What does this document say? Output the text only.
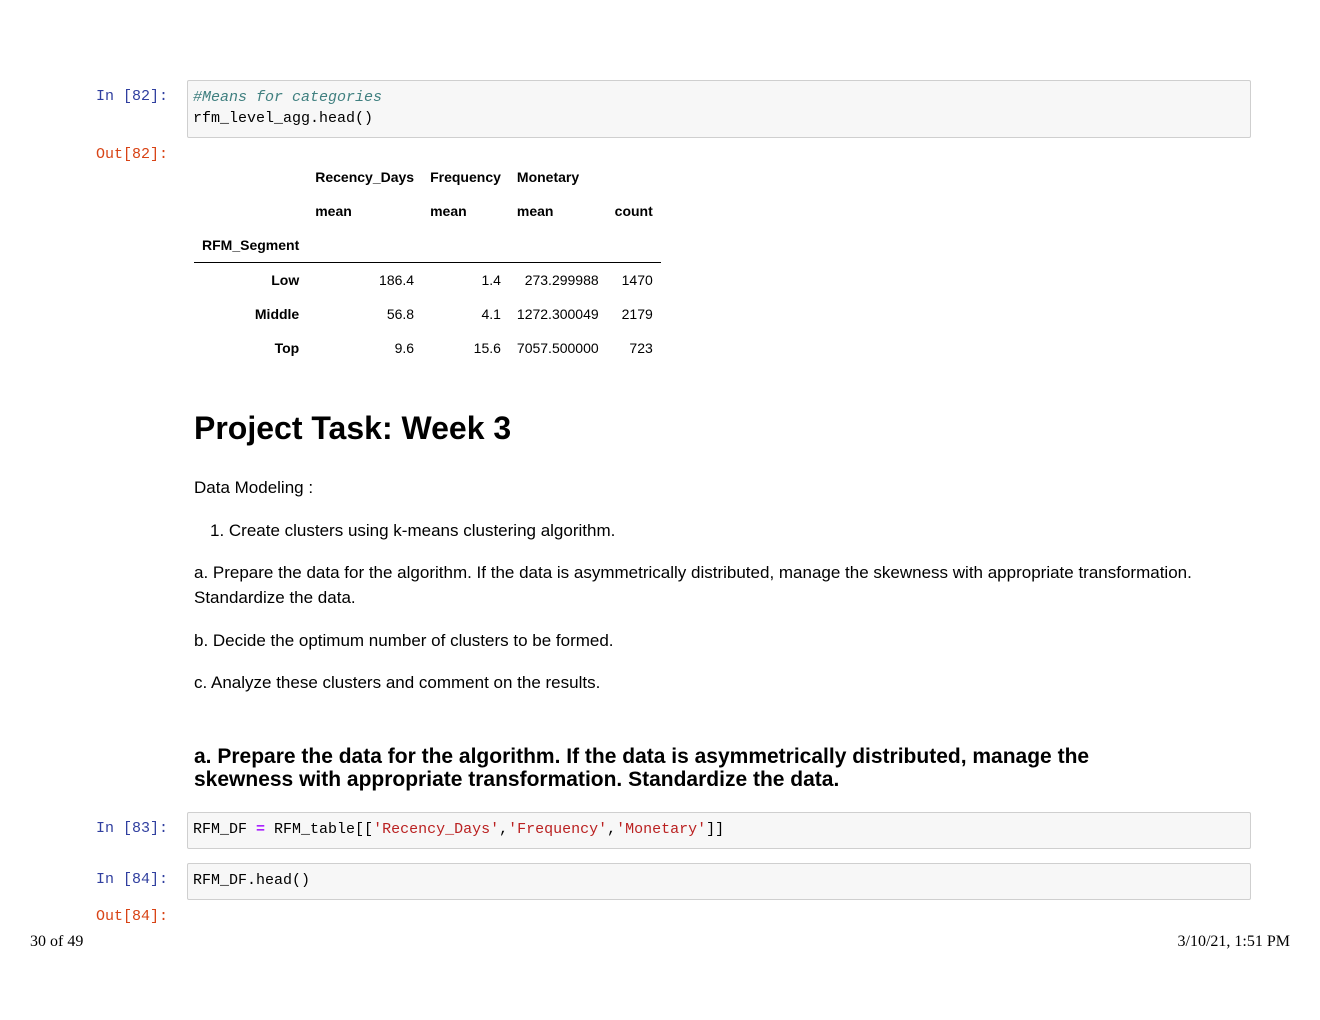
In [82]:	#Means for categories
rfm_level_agg.head()
Out[82]:
	Recency_Days	Frequency	Monetary	
	mean	mean	mean	count
RFM_Segment				
Low	186.4	1.4	273.299988	1470
Middle	56.8	4.1	1272.300049	2179
Top	9.6	15.6	7057.500000	723
Project Task: Week 3
Data Modeling :
1. Create clusters using k-means clustering algorithm.
a. Prepare the data for the algorithm. If the data is asymmetrically distributed, manage the skewness with appropriate transformation. Standardize the data.
b. Decide the optimum number of clusters to be formed.
c. Analyze these clusters and comment on the results.
a. Prepare the data for the algorithm. If the data is asymmetrically distributed, manage the skewness with appropriate transformation. Standardize the data.
In [83]:	RFM_DF = RFM_table[['Recency_Days','Frequency','Monetary']]
In [84]:	RFM_DF.head()
Out[84]:
30 of 49	3/10/21, 1:51 PM
